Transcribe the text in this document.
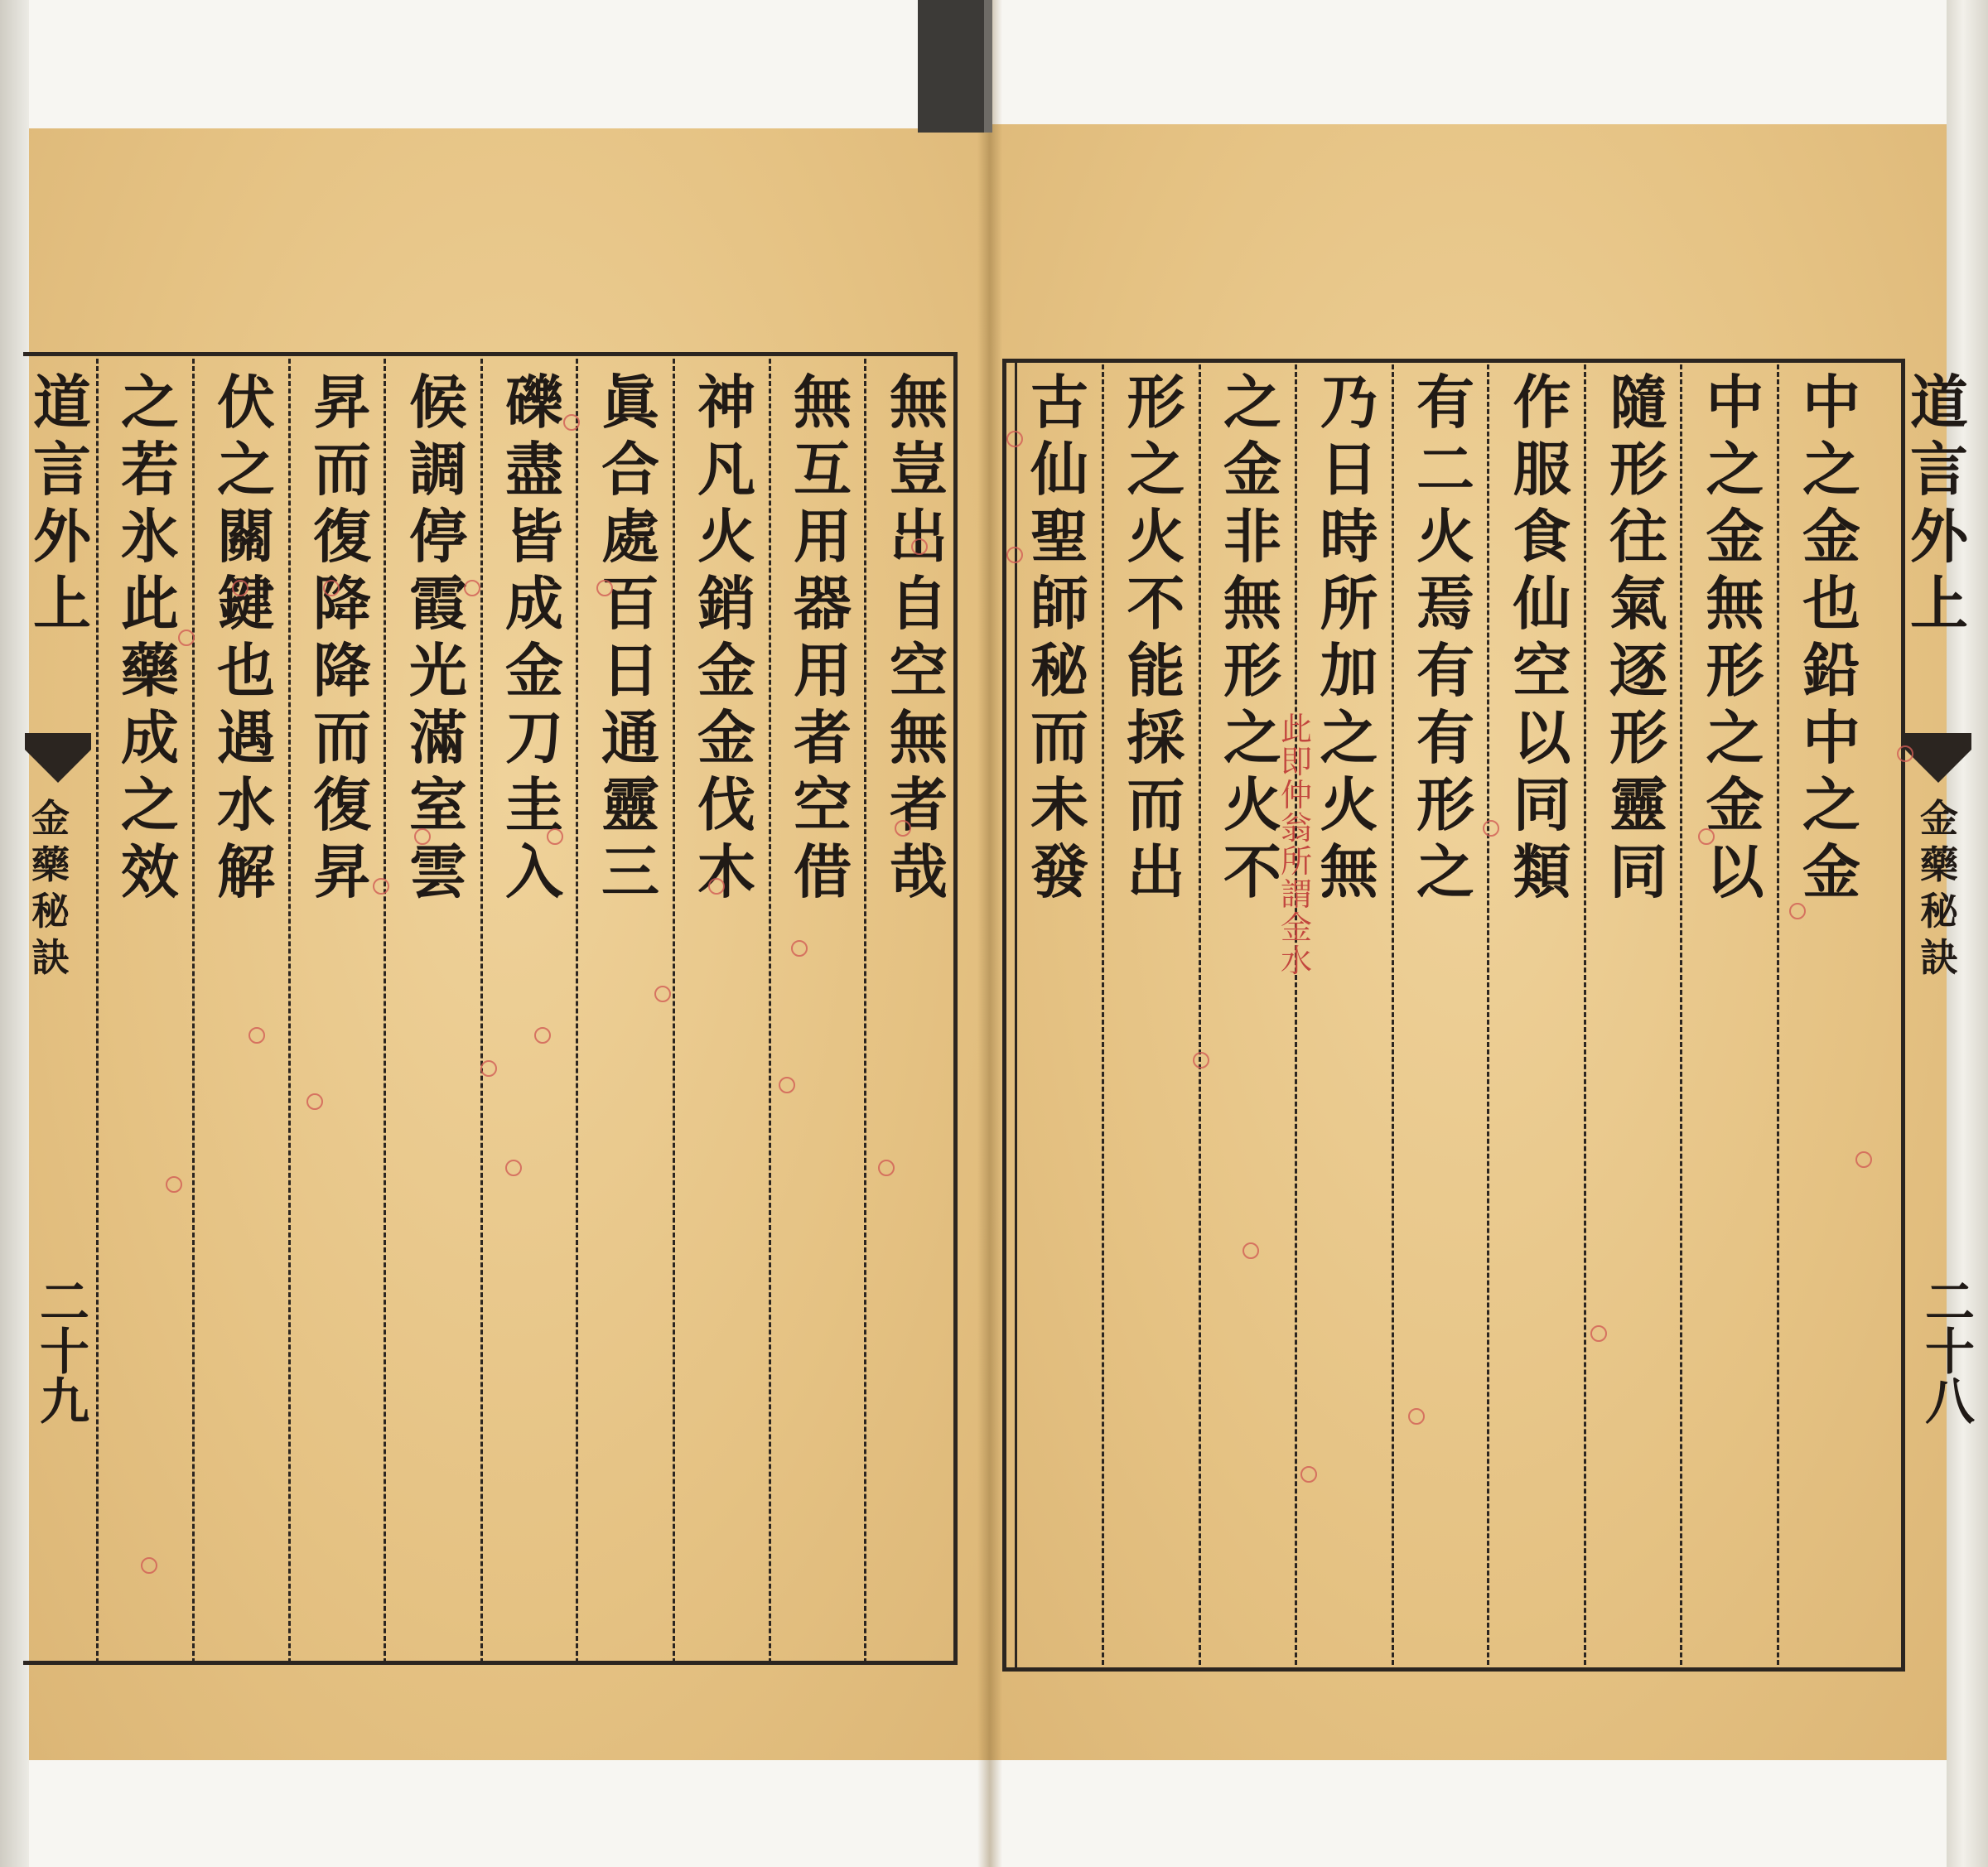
道
言
外
上
金
藥
秘
訣
二十九
無
豈
出
自
空
無
者
哉
無
互
用
器
用
者
空
借
神
凡
火
銷
金
金
伐
木
眞
合
處
百
日
通
靈
三
礫
盡
皆
成
金
刀
圭
入
候
調
停
霞
光
滿
室
雲
昇
而
復
降
降
而
復
昇
伏
之
關
鍵
也
遇
水
解
之
若
氷
此
藥
成
之
效
道
言
外
上
金
藥
秘
訣
二十八
中
之
金
也
鉛
中
之
金
中
之
金
無
形
之
金
以
隨
形
往
氣
逐
形
靈
同
作
服
食
仙
空
以
同
類
有
二
火
焉
有
有
形
之
乃
日
時
所
加
之
火
無
之
金
非
無
形
之
火
不
形
之
火
不
能
採
而
出
古
仙
聖
師
秘
而
未
發
此
即
仲
翁
所
謂
金
水
